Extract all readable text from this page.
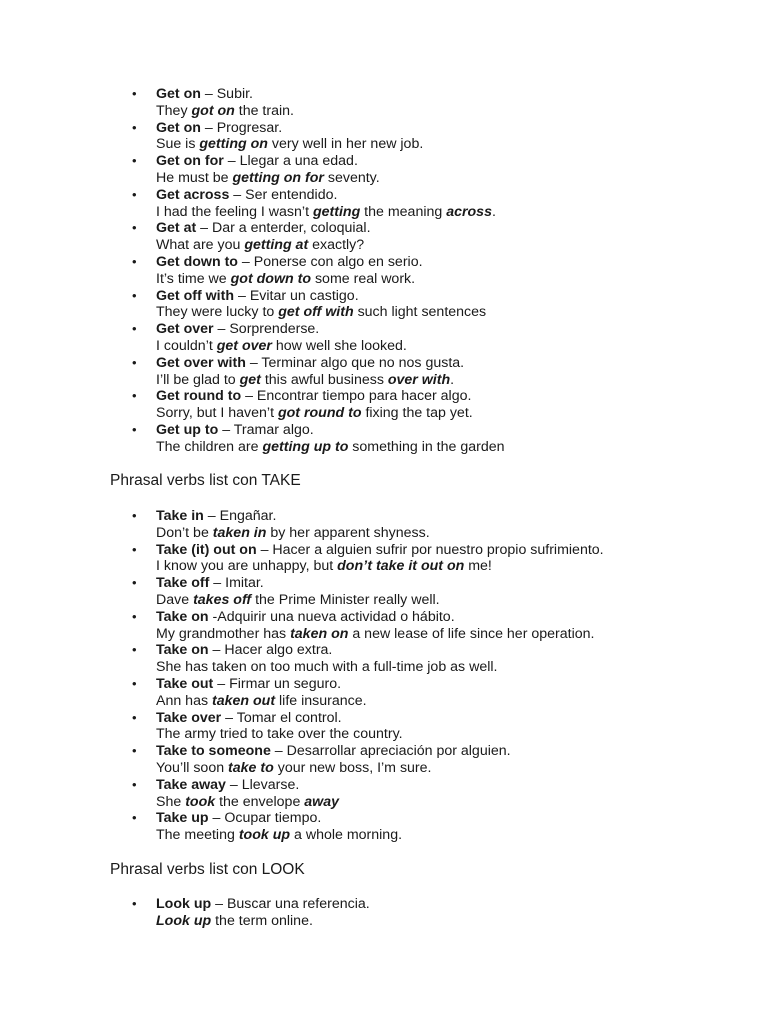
• Get on – Subir.
They got on the train.
• Get on – Progresar.
Sue is getting on very well in her new job.
• Get on for – Llegar a una edad.
He must be getting on for seventy.
• Get across – Ser entendido.
I had the feeling I wasn’t getting the meaning across.
• Get at – Dar a enterder, coloquial.
What are you getting at exactly?
• Get down to – Ponerse con algo en serio.
It’s time we got down to some real work.
• Get off with – Evitar un castigo.
They were lucky to get off with such light sentences
• Get over – Sorprenderse.
I couldn’t get over how well she looked.
• Get over with – Terminar algo que no nos gusta.
I’ll be glad to get this awful business over with.
• Get round to – Encontrar tiempo para hacer algo.
Sorry, but I haven’t got round to fixing the tap yet.
• Get up to – Tramar algo.
The children are getting up to something in the garden
Phrasal verbs list con TAKE
• Take in – Engañar.
Don’t be taken in by her apparent shyness.
• Take (it) out on – Hacer a alguien sufrir por nuestro propio sufrimiento.
I know you are unhappy, but don’t take it out on me!
• Take off – Imitar.
Dave takes off the Prime Minister really well.
• Take on -Adquirir una nueva actividad o hábito.
My grandmother has taken on a new lease of life since her operation.
• Take on – Hacer algo extra.
She has taken on too much with a full-time job as well.
• Take out – Firmar un seguro.
Ann has taken out life insurance.
• Take over – Tomar el control.
The army tried to take over the country.
• Take to someone – Desarrollar apreciación por alguien.
You’ll soon take to your new boss, I’m sure.
• Take away – Llevarse.
She took the envelope away
• Take up – Ocupar tiempo.
The meeting took up a whole morning.
Phrasal verbs list con LOOK
• Look up – Buscar una referencia.
Look up the term online.
